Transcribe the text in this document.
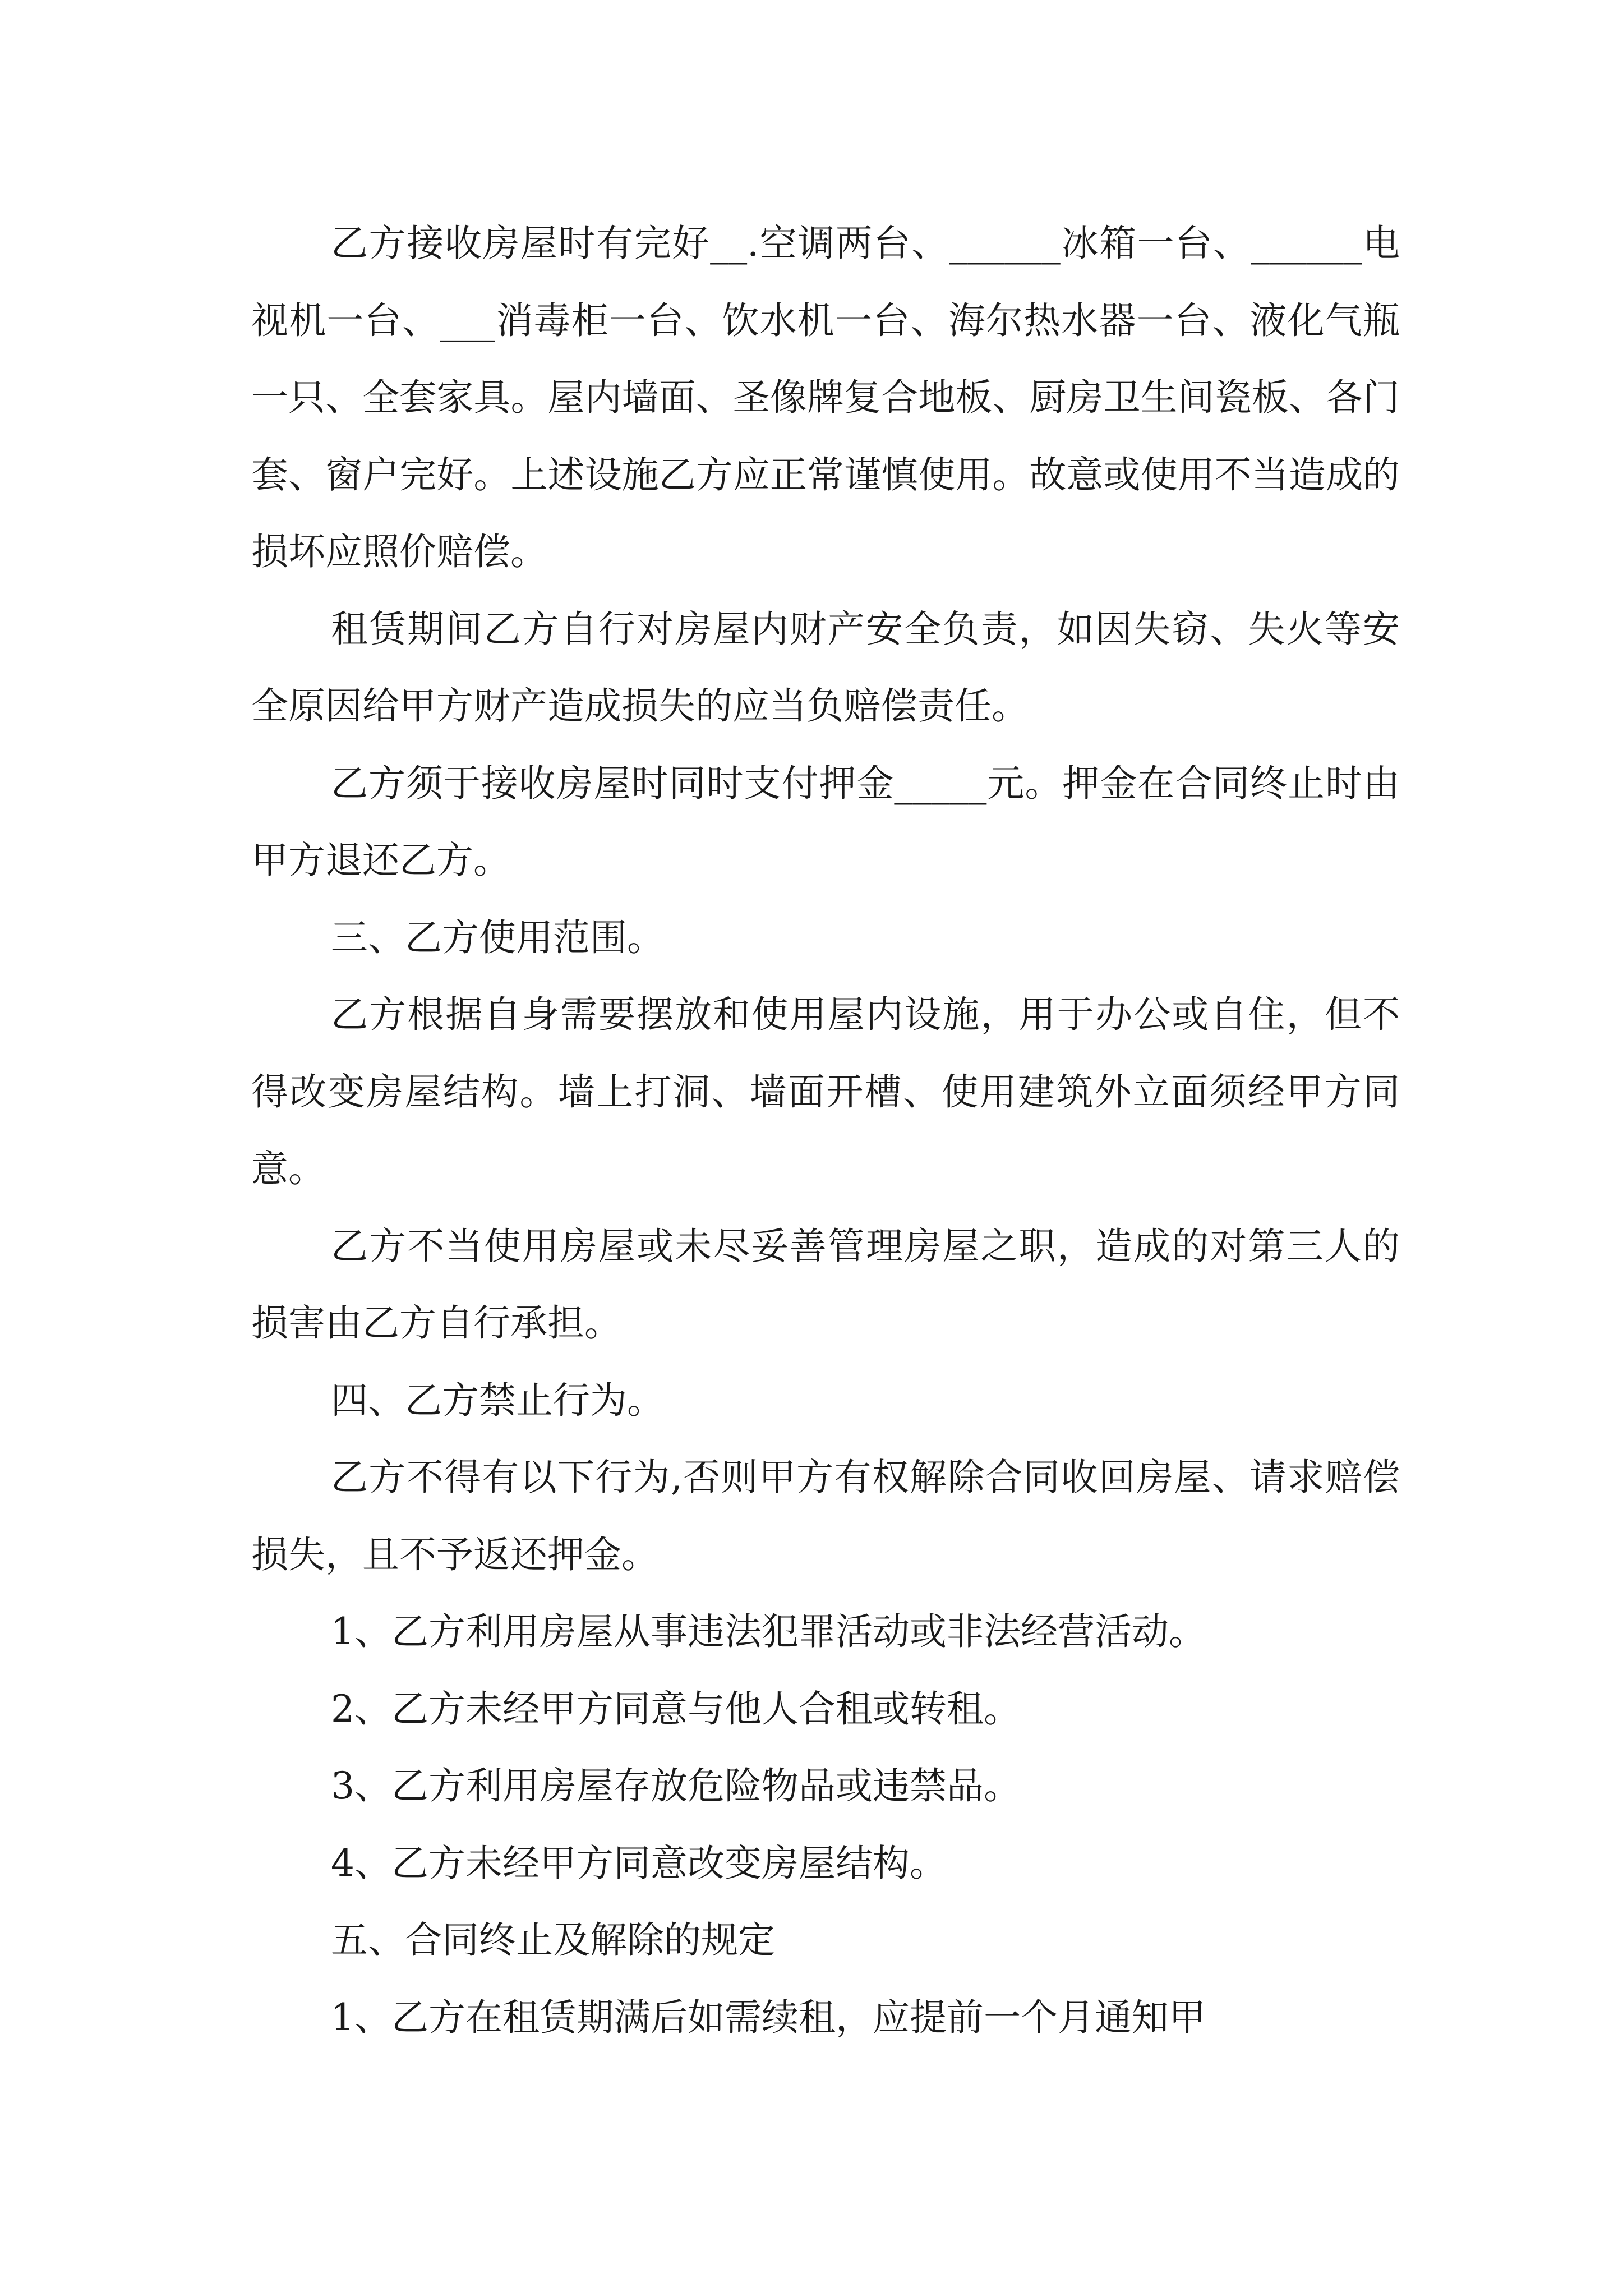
乙方接收房屋时有完好__.空调两台、______冰箱一台、______电视机一台、___消毒柜一台、饮水机一台、海尔热水器一台、液化气瓶一只、全套家具。屋内墙面、圣像牌复合地板、厨房卫生间瓷板、各门套、窗户完好。上述设施乙方应正常谨慎使用。故意或使用不当造成的损坏应照价赔偿。

租赁期间乙方自行对房屋内财产安全负责，如因失窃、失火等安全原因给甲方财产造成损失的应当负赔偿责任。

乙方须于接收房屋时同时支付押金_____元。押金在合同终止时由甲方退还乙方。

三、乙方使用范围。

乙方根据自身需要摆放和使用屋内设施，用于办公或自住，但不得改变房屋结构。墙上打洞、墙面开槽、使用建筑外立面须经甲方同意。

乙方不当使用房屋或未尽妥善管理房屋之职，造成的对第三人的损害由乙方自行承担。

四、乙方禁止行为。

乙方不得有以下行为,否则甲方有权解除合同收回房屋、请求赔偿损失，且不予返还押金。

1、乙方利用房屋从事违法犯罪活动或非法经营活动。

2、乙方未经甲方同意与他人合租或转租。

3、乙方利用房屋存放危险物品或违禁品。

4、乙方未经甲方同意改变房屋结构。

五、合同终止及解除的规定

1、乙方在租赁期满后如需续租，应提前一个月通知甲
